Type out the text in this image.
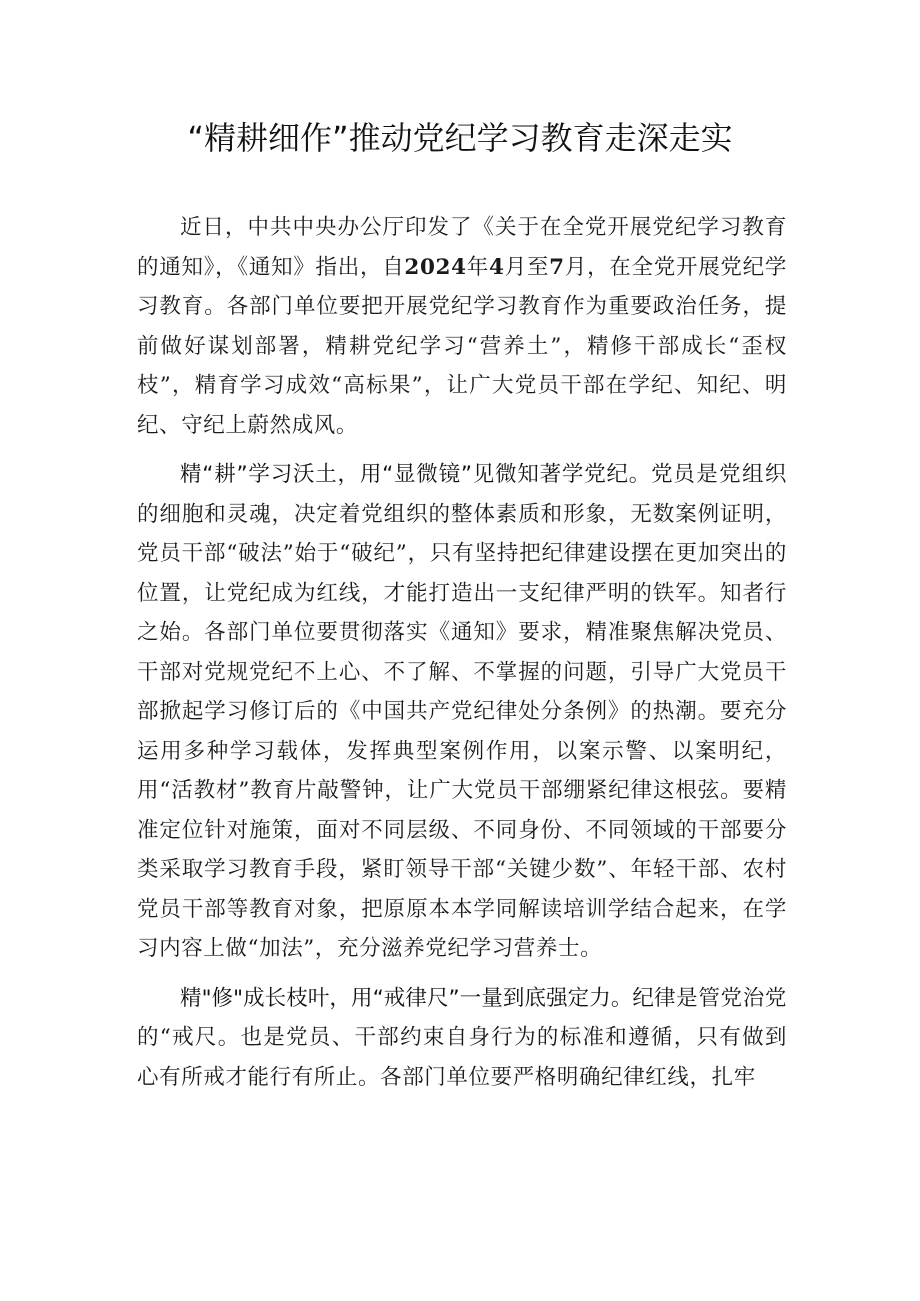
“精耕细作”推动党纪学习教育走深走实

近日，中共中央办公厅印发了《关于在全党开展党纪学习教育的通知》，《通知》指出，自2024年4月至7月，在全党开展党纪学习教育。各部门单位要把开展党纪学习教育作为重要政治任务，提前做好谋划部署，精耕党纪学习“营养土”，精修干部成长“歪杈枝”，精育学习成效“高标果”，让广大党员干部在学纪、知纪、明纪、守纪上蔚然成风。

精“耕”学习沃土，用“显微镜”见微知著学党纪。党员是党组织的细胞和灵魂，决定着党组织的整体素质和形象，无数案例证明，党员干部“破法”始于“破纪”，只有坚持把纪律建设摆在更加突出的位置，让党纪成为红线，才能打造出一支纪律严明的铁军。知者行之始。各部门单位要贯彻落实《通知》要求，精准聚焦解决党员、干部对党规党纪不上心、不了解、不掌握的问题，引导广大党员干部掀起学习修订后的《中国共产党纪律处分条例》的热潮。要充分运用多种学习载体，发挥典型案例作用，以案示警、以案明纪，用“活教材”教育片敲警钟，让广大党员干部绷紧纪律这根弦。要精准定位针对施策，面对不同层级、不同身份、不同领域的干部要分类采取学习教育手段，紧盯领导干部“关键少数”、年轻干部、农村党员干部等教育对象，把原原本本学同解读培训学结合起来，在学习内容上做“加法”，充分滋养党纪学习营养士。

精"修"成长枝叶，用“戒律尺”一量到底强定力。纪律是管党治党的“戒尺。也是党员、干部约束自身行为的标准和遵循，只有做到心有所戒才能行有所止。各部门单位要严格明确纪律红线，扎牢
